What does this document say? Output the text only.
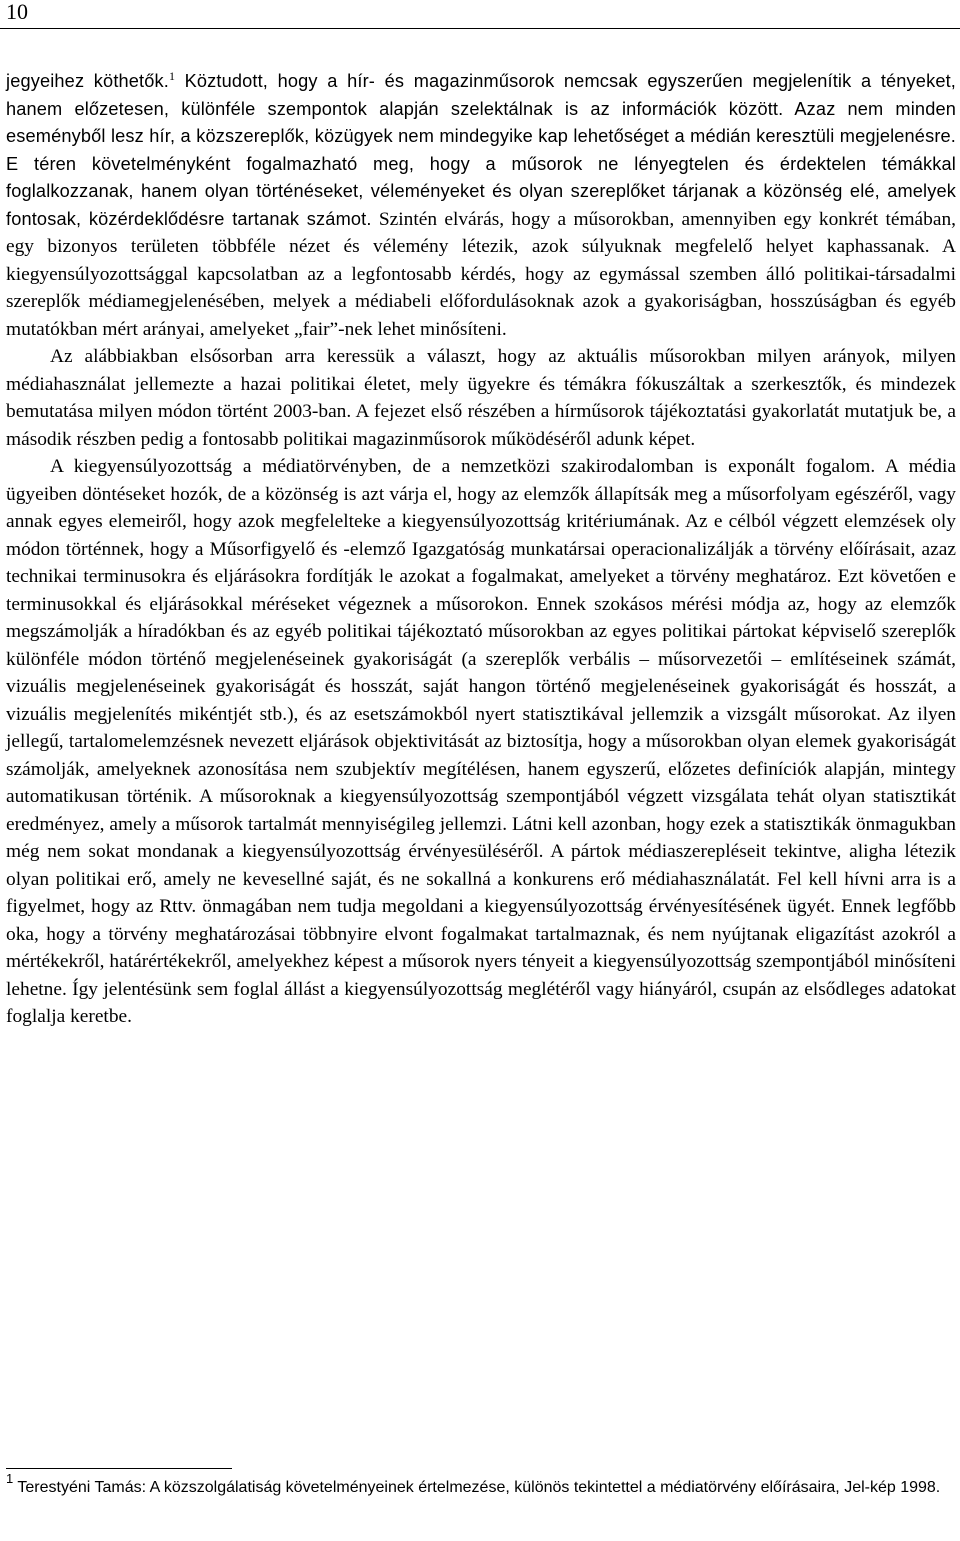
10

jegyeihez köthetők.$^1$ Köztudott, hogy a hír- és magazinműsorok nemcsak egyszerűen megjelenítik a tényeket, hanem előzetesen, különféle szempontok alapján szelektálnak is az információk között. Azaz nem minden eseményből lesz hír, a közszereplők, közügyek nem mindegyike kap lehetőséget a médián keresztüli megjelenésre. E téren követelményként fogalmazható meg, hogy a műsorok ne lényegtelen és érdektelen témákkal foglalkozzanak, hanem olyan történéseket, véleményeket és olyan szereplőket tárjanak a közönség elé, amelyek fontosak, közérdeklődésre tartanak számot. Szintén elvárás, hogy a műsorokban, amennyiben egy konkrét témában, egy bizonyos területen többféle nézet és vélemény létezik, azok súlyuknak megfelelő helyet kaphassanak. A kiegyensúlyozottsággal kapcsolatban az a legfontosabb kérdés, hogy az egymással szemben álló politikai-társadalmi szereplők médiamegjelenésében, melyek a médiabeli előfordulásoknak azok a gyakoriságban, hosszúságban és egyéb mutatókban mért arányai, amelyeket „fair”-nek lehet minősíteni.

Az alábbiakban elsősorban arra keressük a választ, hogy az aktuális műsorokban milyen arányok, milyen médiahasználat jellemezte a hazai politikai életet, mely ügyekre és témákra fókuszáltak a szerkesztők, és mindezek bemutatása milyen módon történt 2003-ban. A fejezet első részében a hírműsorok tájékoztatási gyakorlatát mutatjuk be, a második részben pedig a fontosabb politikai magazinműsorok működéséről adunk képet.

A kiegyensúlyozottság a médiatörvényben, de a nemzetközi szakirodalomban is exponált fogalom. A média ügyeiben döntéseket hozók, de a közönség is azt várja el, hogy az elemzők állapítsák meg a műsorfolyam egészéről, vagy annak egyes elemeiről, hogy azok megfelelteke a kiegyensúlyozottság kritériumának. Az e célból végzett elemzések oly módon történnek, hogy a Műsorfigyelő és -elemző Igazgatóság munkatársai operacionalizálják a törvény előírásait, azaz technikai terminusokra és eljárásokra fordítják le azokat a fogalmakat, amelyeket a törvény meghatároz. Ezt követően e terminusokkal és eljárásokkal méréseket végeznek a műsorokon. Ennek szokásos mérési módja az, hogy az elemzők megszámolják a híradókban és az egyéb politikai tájékoztató műsorokban az egyes politikai pártokat képviselő szereplők különféle módon történő megjelenéseinek gyakoriságát (a szereplők verbális – műsorvezetői – említéseinek számát, vizuális megjelenéseinek gyakoriságát és hosszát, saját hangon történő megjelenéseinek gyakoriságát és hosszát, a vizuális megjelenítés mikéntjét stb.), és az esetszámokból nyert statisztikával jellemzik a vizsgált műsorokat. Az ilyen jellegű, tartalomelemzésnek nevezett eljárások objektivitását az biztosítja, hogy a műsorokban olyan elemek gyakoriságát számolják, amelyeknek azonosítása nem szubjektív megítélésen, hanem egyszerű, előzetes definíciók alapján, mintegy automatikusan történik. A műsoroknak a kiegyensúlyozottság szempontjából végzett vizsgálata tehát olyan statisztikát eredményez, amely a műsorok tartalmát mennyiségileg jellemzi. Látni kell azonban, hogy ezek a statisztikák önmagukban még nem sokat mondanak a kiegyensúlyozottság érvényesüléséről. A pártok médiaszerepléseit tekintve, aligha létezik olyan politikai erő, amely ne kevesellné saját, és ne sokallná a konkurens erő médiahasználatát. Fel kell hívni arra is a figyelmet, hogy az Rttv. önmagában nem tudja megoldani a kiegyensúlyozottság érvényesítésének ügyét. Ennek legfőbb oka, hogy a törvény meghatározásai többnyire elvont fogalmakat tartalmaznak, és nem nyújtanak eligazítást azokról a mértékekről, határértékekről, amelyekhez képest a műsorok nyers tényeit a kiegyensúlyozottság szempontjából minősíteni lehetne. Így jelentésünk sem foglal állást a kiegyensúlyozottság meglétéről vagy hiányáról, csupán az elsődleges adatokat foglalja keretbe.

$^1$ Terestyéni Tamás: A közszolgálatiság követelményeinek értelmezése, különös tekintettel a médiatörvény előírásaira, Jel-kép 1998.
